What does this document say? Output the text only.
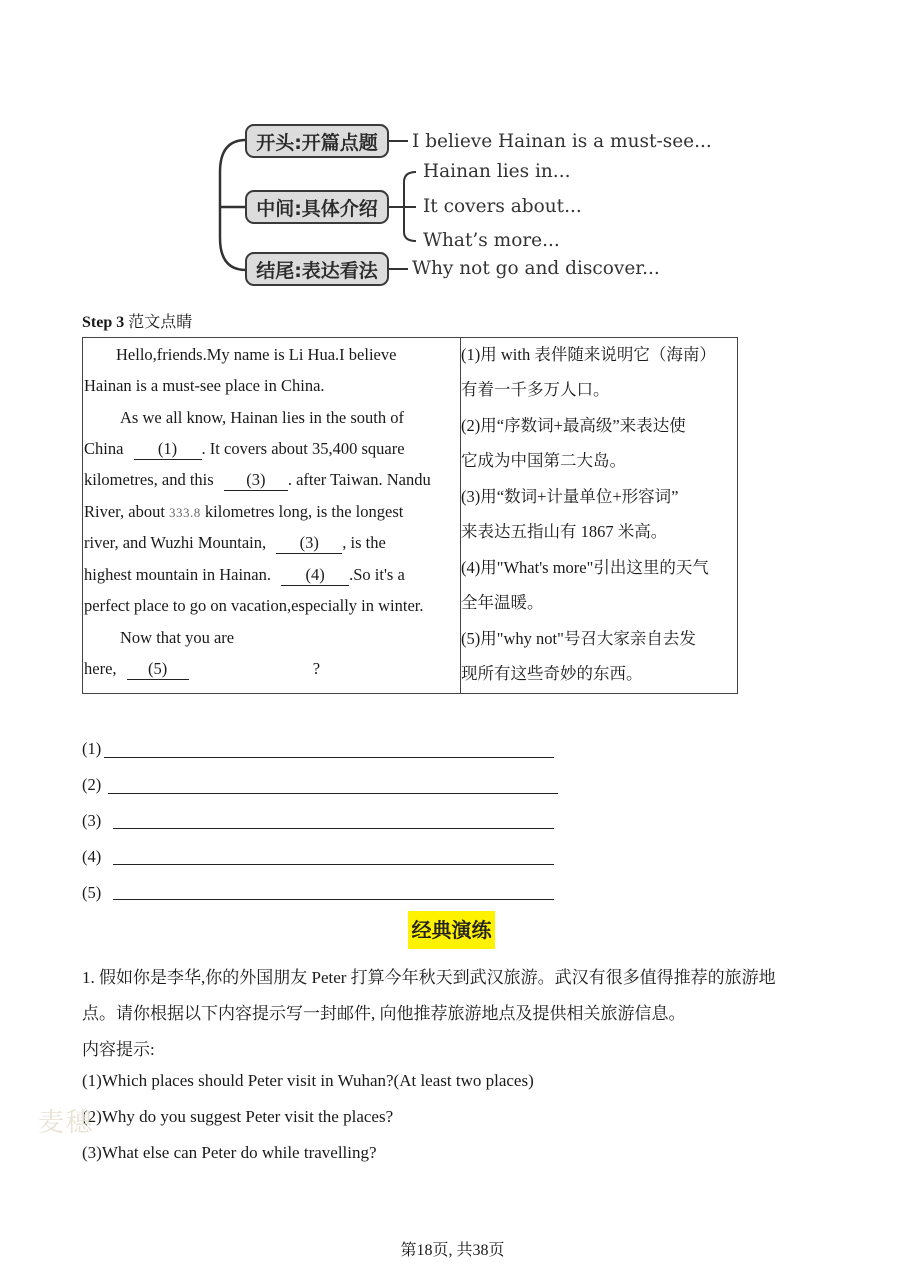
开头:开篇点题
中间:具体介绍
结尾:表达看法
I believe Hainan is a must-see...
Hainan lies in...
It covers about...
What’s more...
Why not go and discover...
Step 3 范文点睛
Hello,friends.My name is Li Hua.I believe
Hainan is a must-see place in China.
As we all know, Hainan lies in the south of
China (1) . It covers about 35,400 square
kilometres, and this (3) . after Taiwan. Nandu
River, about 333.8 kilometres long, is the longest
river, and Wuzhi Mountain, (3) , is the
highest mountain in Hainan. (4) .So it's a
perfect place to go on vacation,especially in winter.
Now that you are
here, (5)	?
(1)用 with 表伴随来说明它（海南）
有着一千多万人口。
(2)用“序数词+最高级”来表达使
它成为中国第二大岛。
(3)用“数词+计量单位+形容词”
来表达五指山有 1867 米高。
(4)用"What's more"引出这里的天气
全年温暖。
(5)用"why not"号召大家亲自去发
现所有这些奇妙的东西。
(1)
(2)
(3)
(4)
(5)
经典演练
1. 假如你是李华,你的外国朋友 Peter 打算今年秋天到武汉旅游。武汉有很多值得推荐的旅游地
点。请你根据以下内容提示写一封邮件, 向他推荐旅游地点及提供相关旅游信息。
内容提示:
(1)Which places should Peter visit in Wuhan?(At least two places)
(2)Why do you suggest Peter visit the places?
(3)What else can Peter do while travelling?
麦穗
第18页, 共38页
